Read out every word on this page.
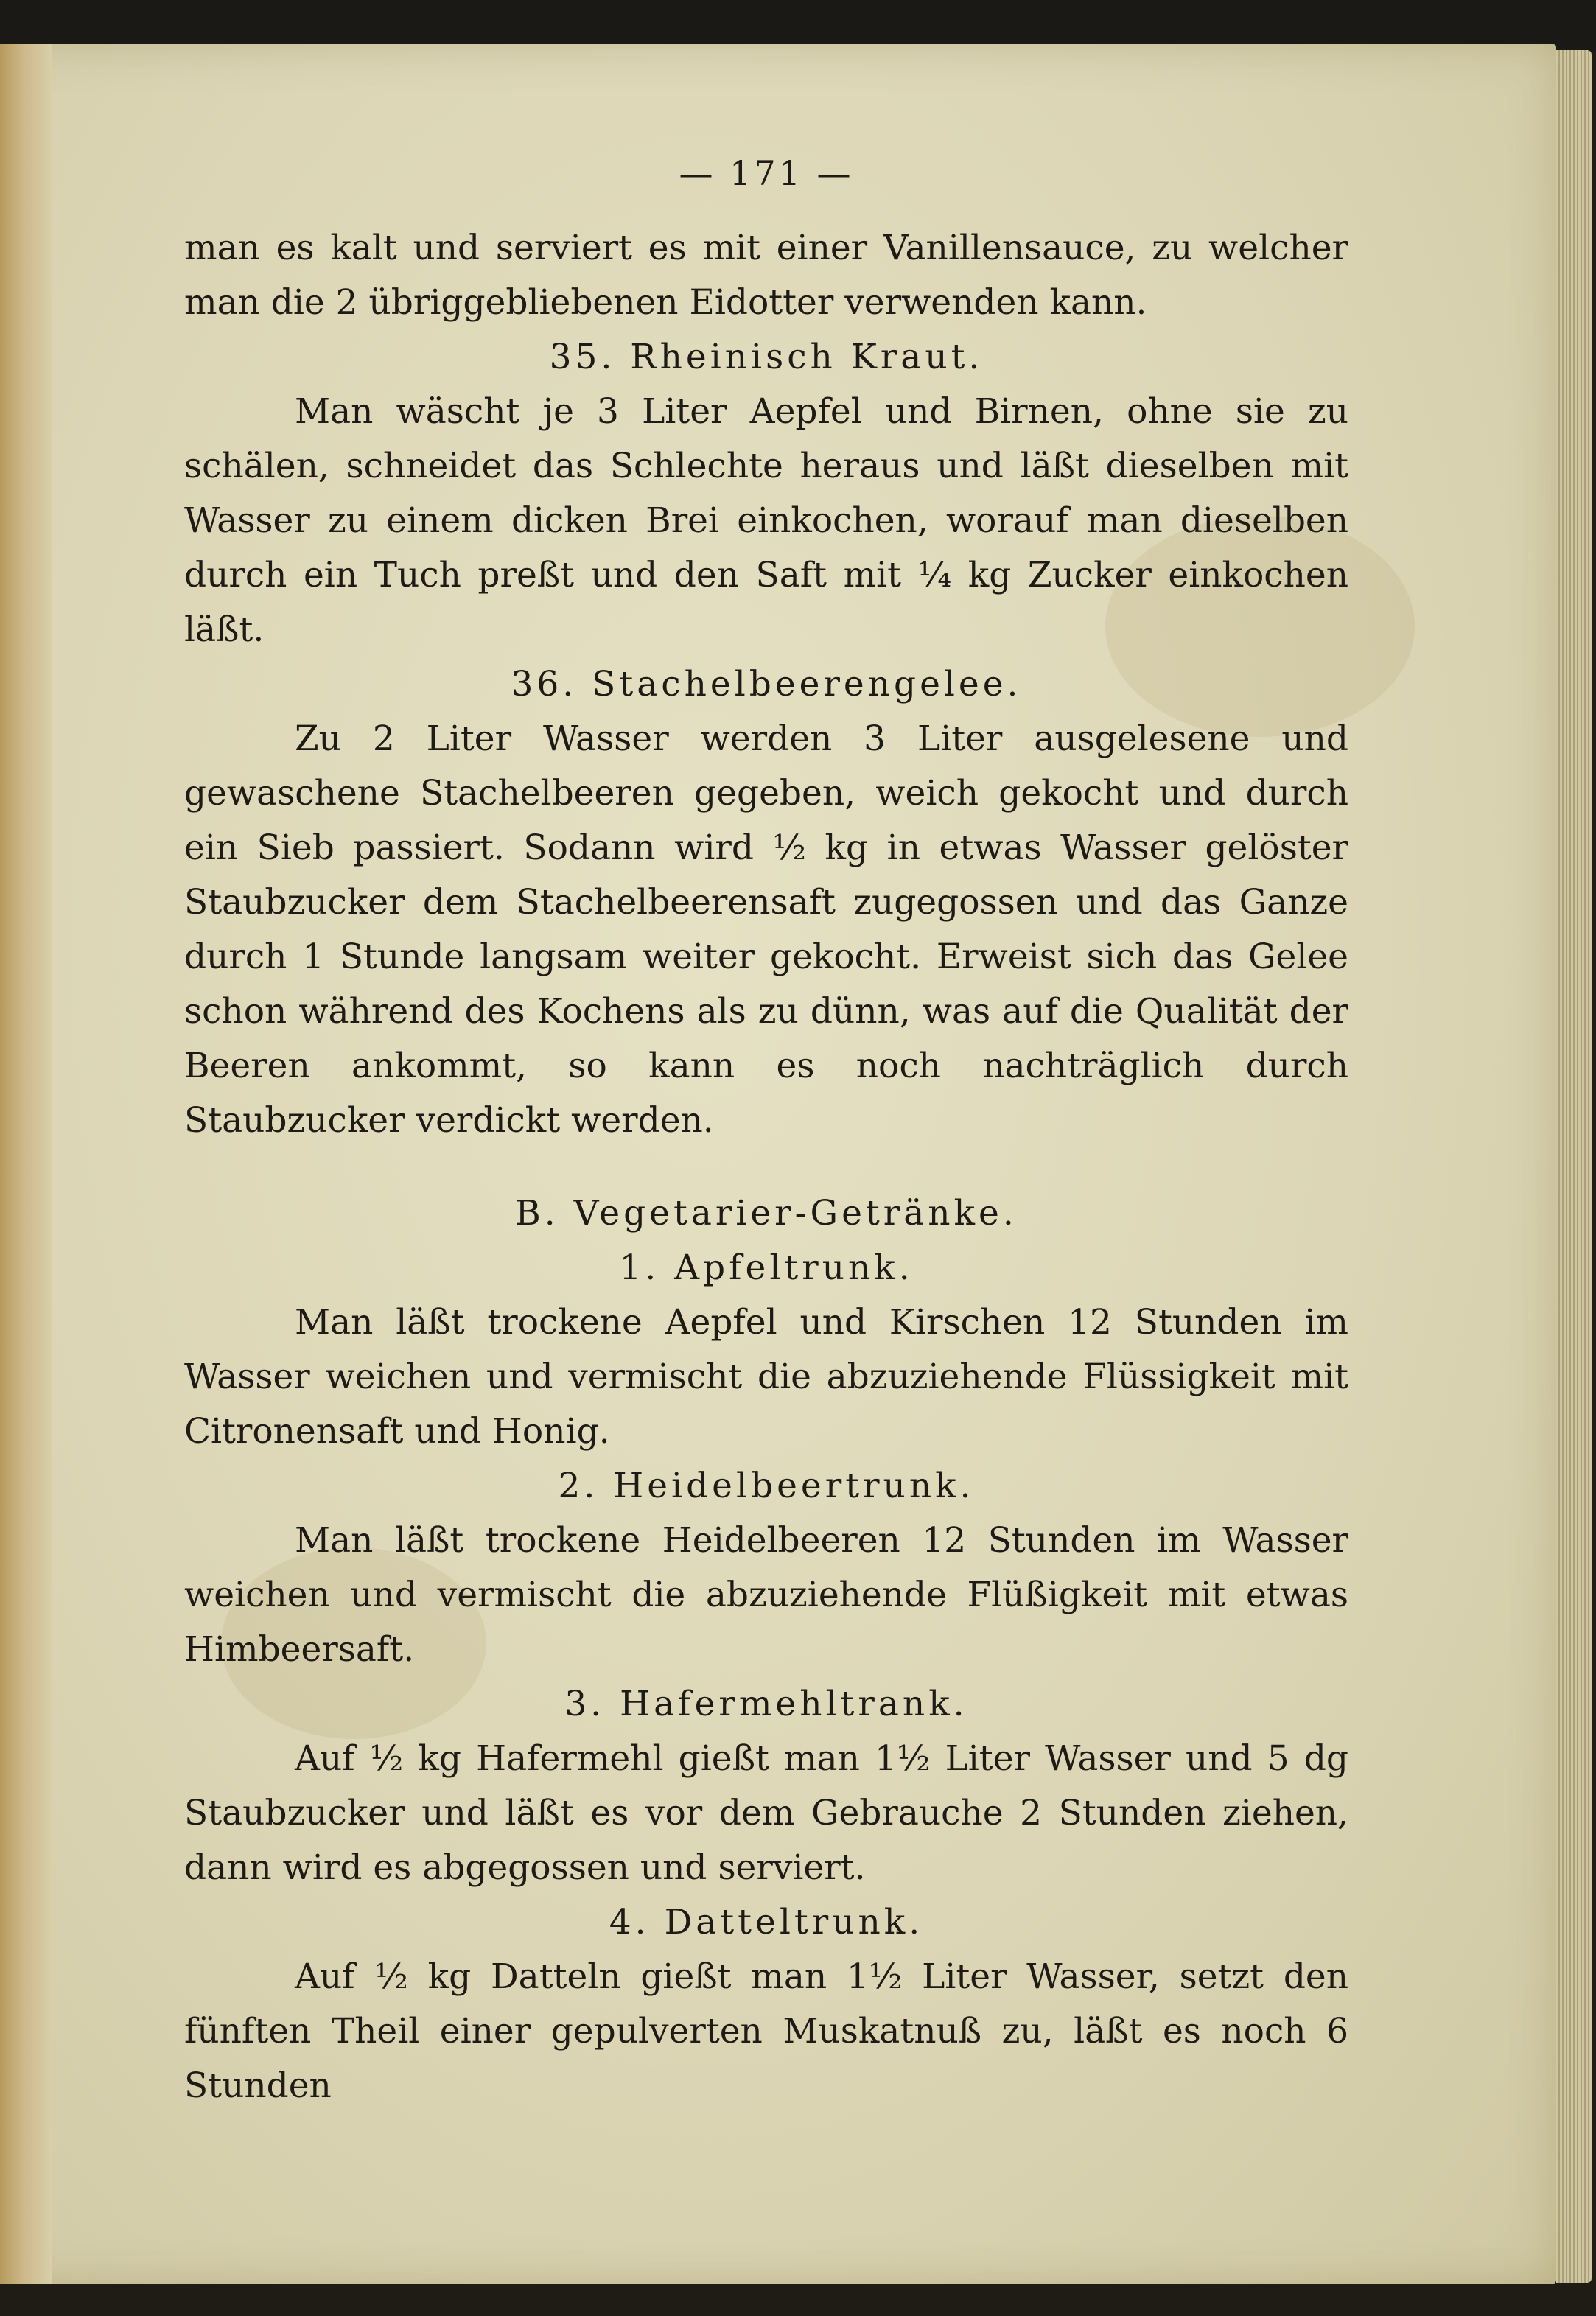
— 171 —

man es kalt und serviert es mit einer Vanillensauce, zu welcher man die 2 übriggebliebenen Eidotter verwenden kann.

35. Rheinisch Kraut.

Man wäscht je 3 Liter Aepfel und Birnen, ohne sie zu schälen, schneidet das Schlechte heraus und läßt dieselben mit Wasser zu einem dicken Brei einkochen, worauf man dieselben durch ein Tuch preßt und den Saft mit ¼ kg Zucker einkochen läßt.

36. Stachelbeerengelee.

Zu 2 Liter Wasser werden 3 Liter ausgelesene und gewaschene Stachelbeeren gegeben, weich gekocht und durch ein Sieb passiert. Sodann wird ½ kg in etwas Wasser gelöster Staubzucker dem Stachelbeerensaft zugegossen und das Ganze durch 1 Stunde langsam weiter gekocht. Erweist sich das Gelee schon während des Kochens als zu dünn, was auf die Qualität der Beeren ankommt, so kann es noch nachträglich durch Staubzucker verdickt werden.

B. Vegetarier-Getränke.

1. Apfeltrunk.

Man läßt trockene Aepfel und Kirschen 12 Stunden im Wasser weichen und vermischt die abzuziehende Flüssigkeit mit Citronensaft und Honig.

2. Heidelbeertrunk.

Man läßt trockene Heidelbeeren 12 Stunden im Wasser weichen und vermischt die abzuziehende Flüßigkeit mit etwas Himbeersaft.

3. Hafermehltrank.

Auf ½ kg Hafermehl gießt man 1½ Liter Wasser und 5 dg Staubzucker und läßt es vor dem Gebrauche 2 Stunden ziehen, dann wird es abgegossen und serviert.

4. Datteltrunk.

Auf ½ kg Datteln gießt man 1½ Liter Wasser, setzt den fünften Theil einer gepulverten Muskatnuß zu, läßt es noch 6 Stunden
